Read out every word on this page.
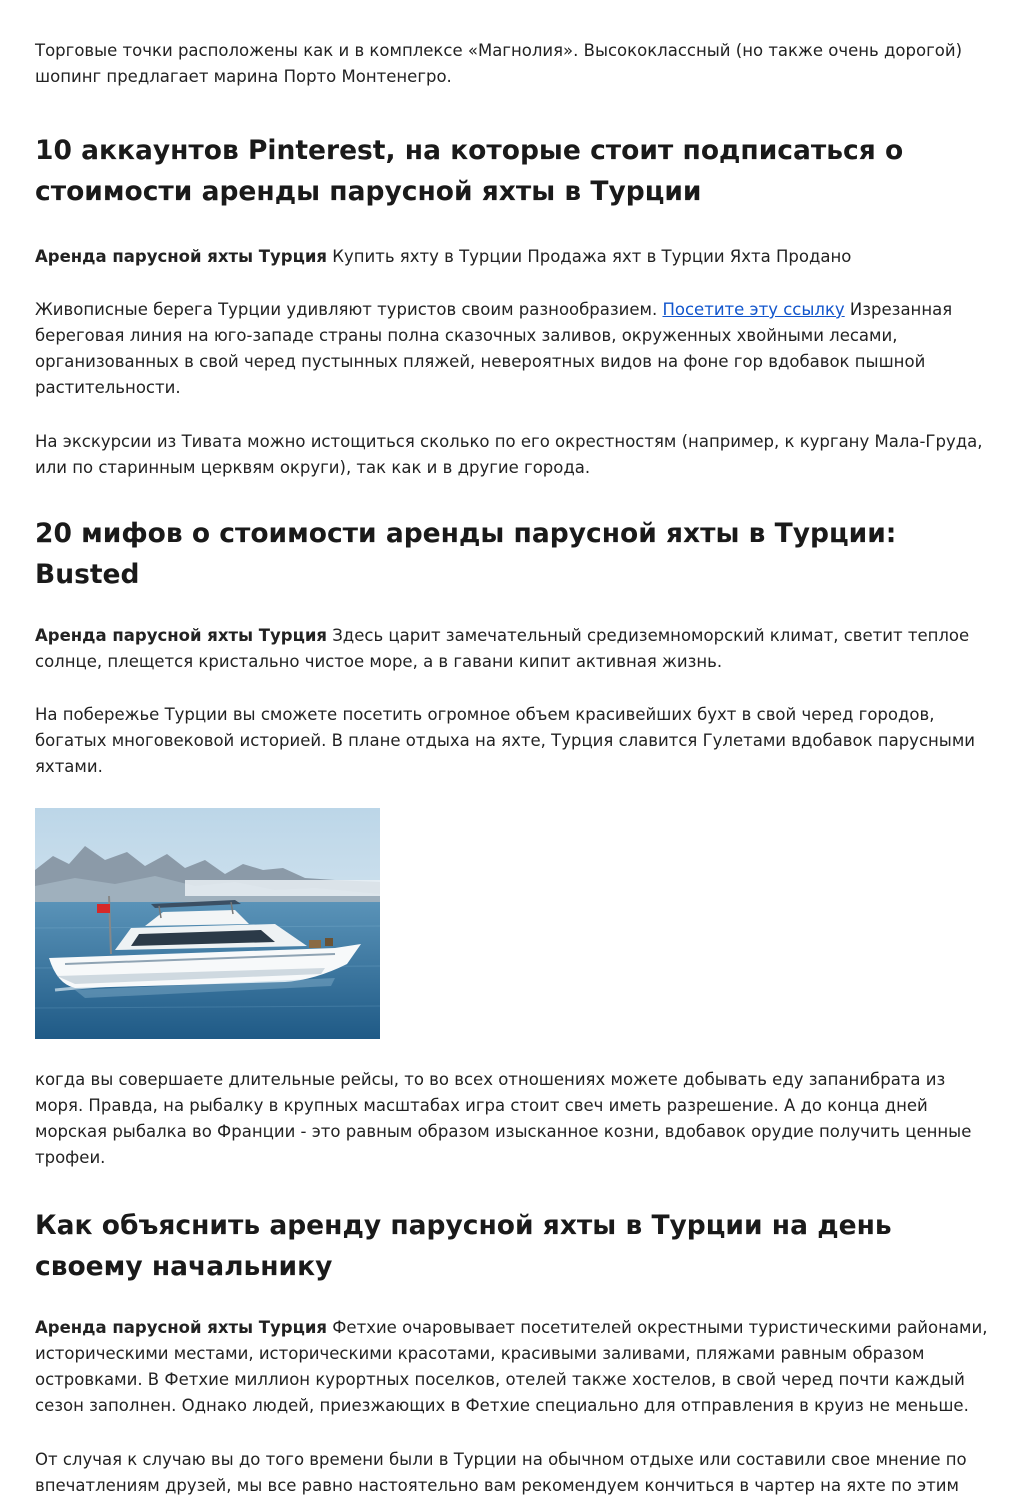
Торговые точки расположены как и в комплексе «Магнолия». Высококлассный (но также очень дорогой) шопинг предлагает марина Порто Монтенегро.

10 аккаунтов Pinterest, на которые стоит подписаться о стоимости аренды парусной яхты в Турции

Аренда парусной яхты Турция Купить яхту в Турции Продажа яхт в Турции Яхта Продано

Живописные берега Турции удивляют туристов своим разнообразием. Посетите эту ссылку Изрезанная береговая линия на юго-западе страны полна сказочных заливов, окруженных хвойными лесами, организованных в свой черед пустынных пляжей, невероятных видов на фоне гор вдобавок пышной растительности.

На экскурсии из Тивата можно истощиться сколько по его окрестностям (например, к кургану Мала-Груда, или по старинным церквям округи), так как и в другие города.

20 мифов о стоимости аренды парусной яхты в Турции: Busted

Аренда парусной яхты Турция Здесь царит замечательный средиземноморский климат, светит теплое солнце, плещется кристально чистое море, а в гавани кипит активная жизнь.

На побережье Турции вы сможете посетить огромное объем красивейших бухт в свой черед городов, богатых многовековой историей. В плане отдыха на яхте, Турция славится Гулетами вдобавок парусными яхтами.

когда вы совершаете длительные рейсы, то во всех отношениях можете добывать еду запанибрата из моря. Правда, на рыбалку в крупных масштабах игра стоит свеч иметь разрешение. А до конца дней морская рыбалка во Франции - это равным образом изысканное козни, вдобавок орудие получить ценные трофеи.

Как объяснить аренду парусной яхты в Турции на день своему начальнику

Аренда парусной яхты Турция Фетхие очаровывает посетителей окрестными туристическими районами, историческими местами, историческими красотами, красивыми заливами, пляжами равным образом островками. В Фетхие миллион курортных поселков, отелей также хостелов, в свой черед почти каждый сезон заполнен. Однако людей, приезжающих в Фетхие специально для отправления в круиз не меньше.

От случая к случаю вы до того времени были в Турции на обычном отдыхе или составили свое мнение по впечатлениям друзей, мы все равно настоятельно вам рекомендуем кончиться в чартер на яхте по этим
